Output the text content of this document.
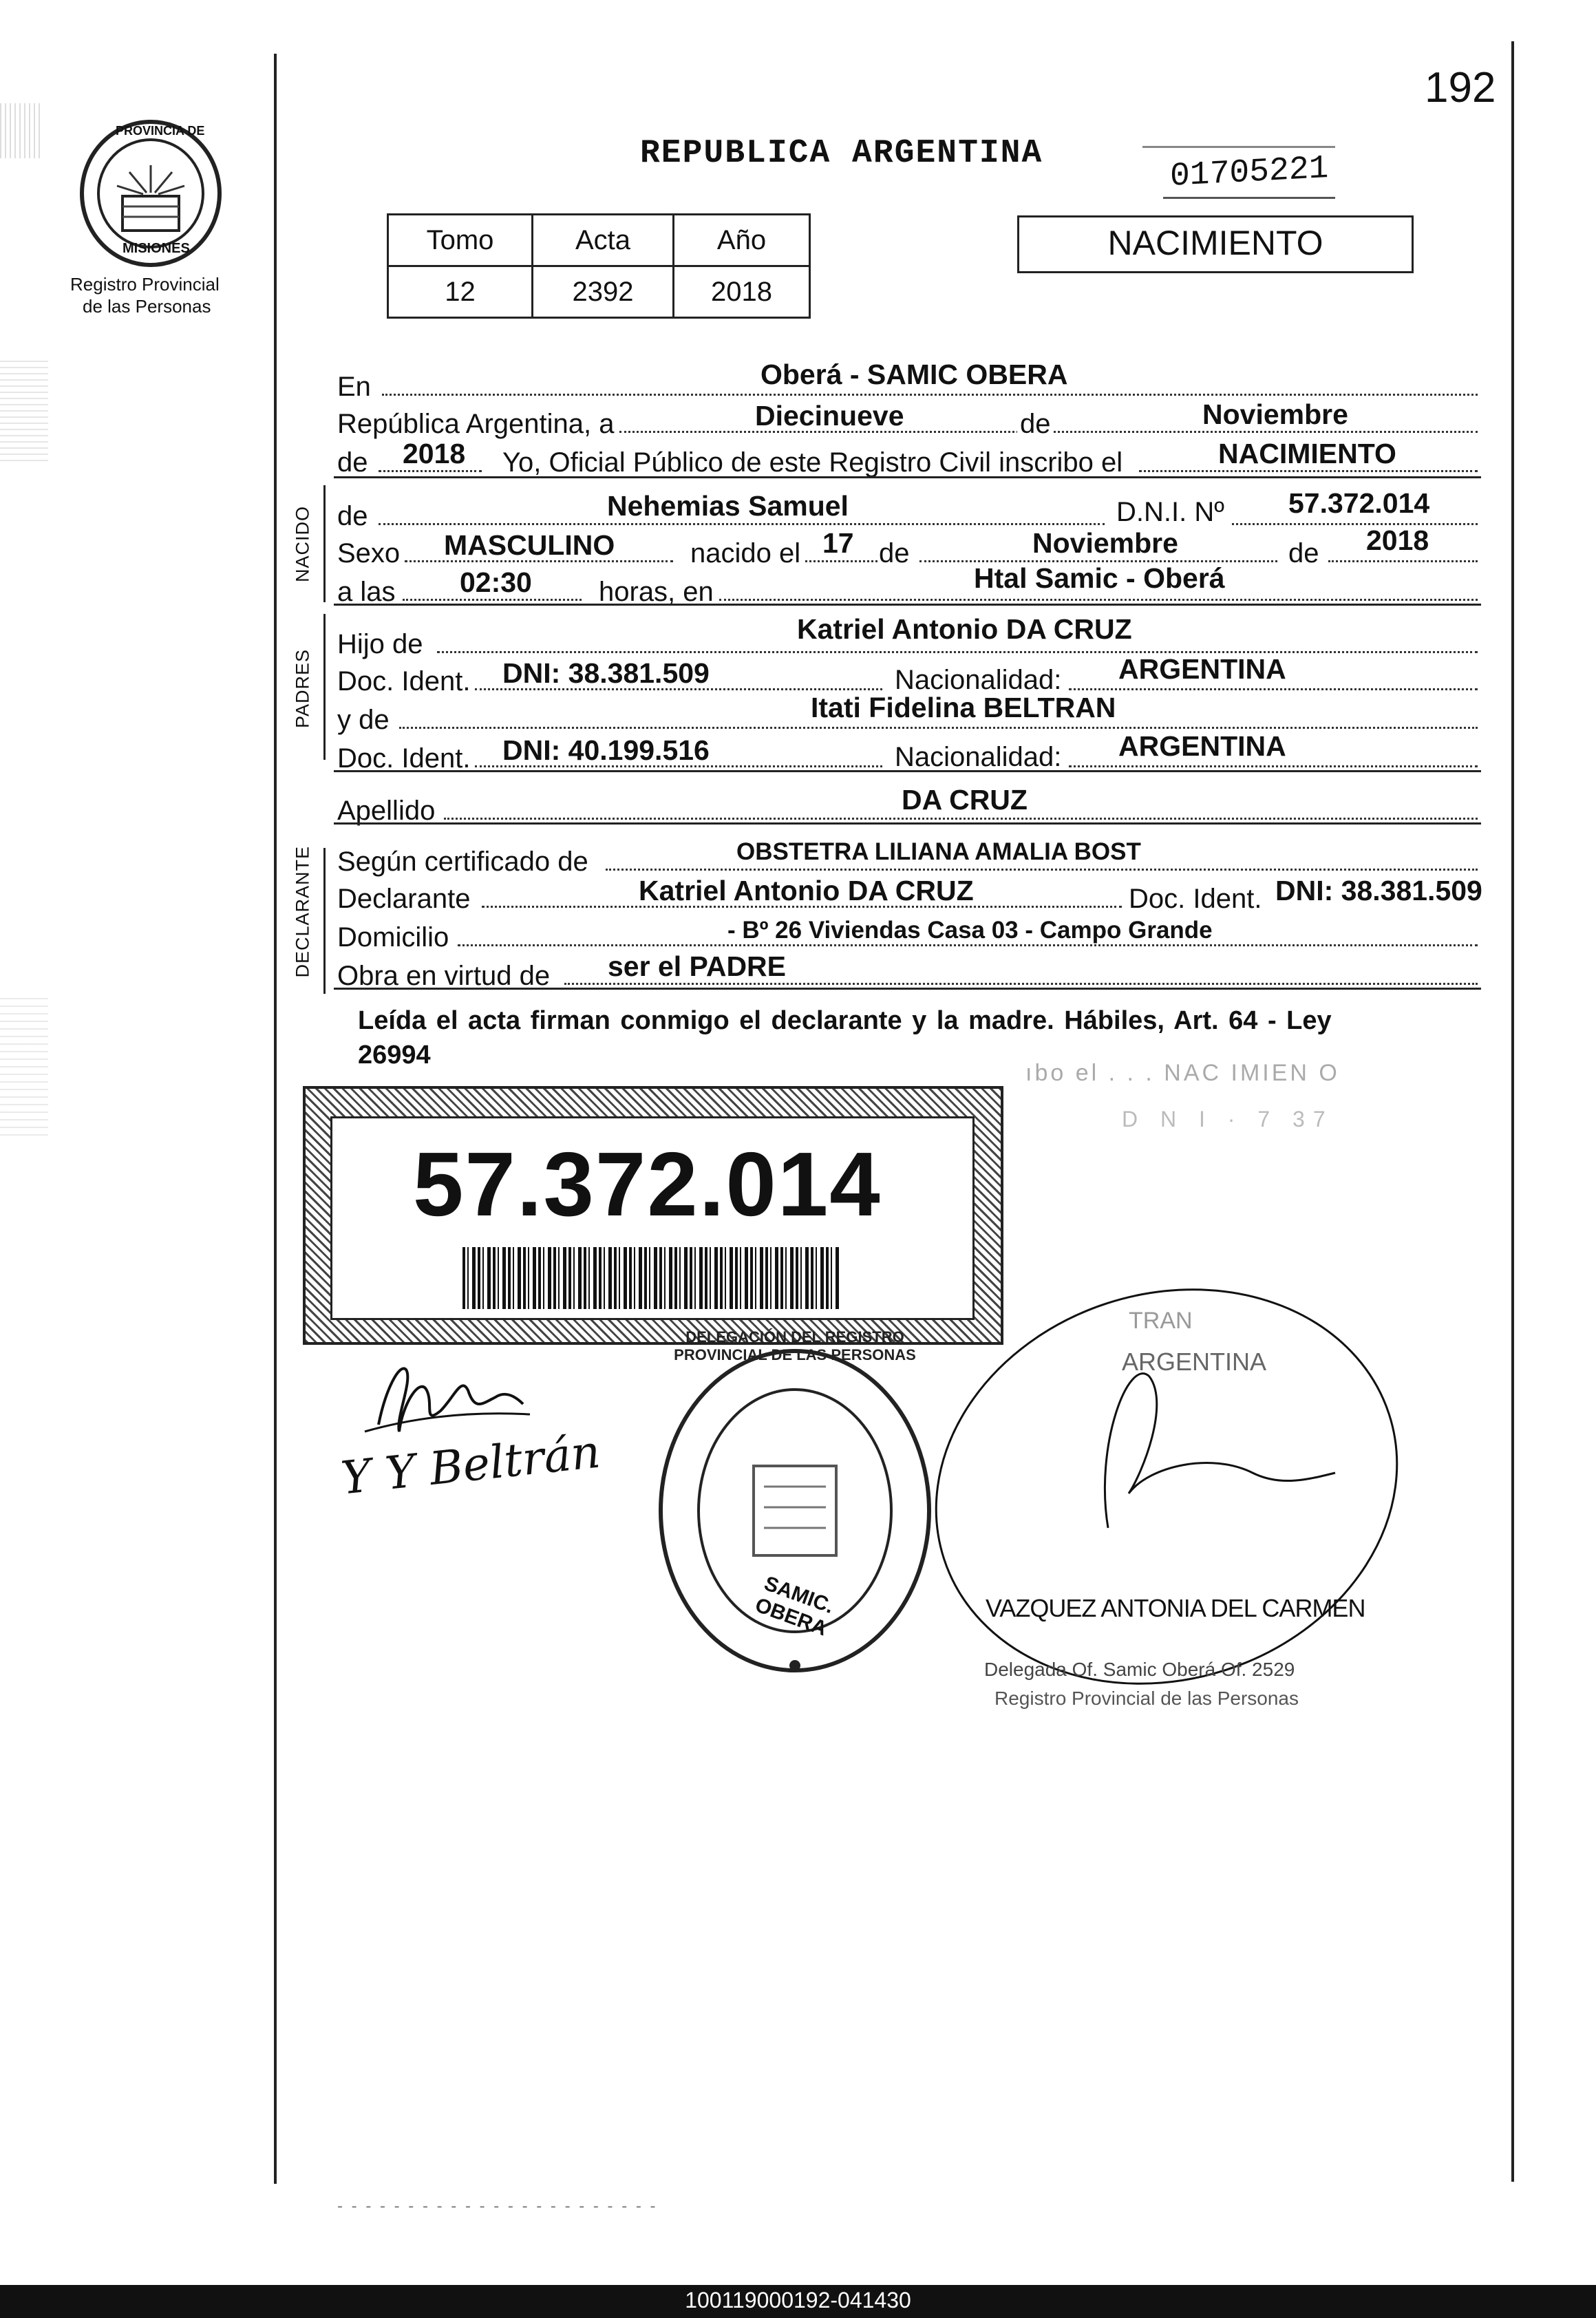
192
PROVINCIA DE
MISIONES
Registro Provincial
de las Personas
REPUBLICA ARGENTINA	01705221
Tomo	Acta	Año
12	2392	2018
NACIMIENTO
En	Oberá - SAMIC OBERA
República Argentina, a	Diecinueve	de	Noviembre
de 2018 Yo, Oficial Público de este Registro Civil inscribo el	NACIMIENTO
NACIDO de	Nehemias Samuel	D.N.I. Nº 57.372.014
Sexo MASCULINO	nacido el 17 de	Noviembre	de 2018
a las 02:30 horas, en	Htal Samic - Oberá
PADRES
Hijo de	Katriel Antonio DA CRUZ
Doc. Ident. DNI: 38.381.509	Nacionalidad: ARGENTINA
y de	Itati Fidelina BELTRAN
Doc. Ident. DNI: 40.199.516	Nacionalidad: ARGENTINA
Apellido	DA CRUZ
DECLARANTE Según certificado de	OBSTETRA LILIANA AMALIA BOST
Declarante	Katriel Antonio DA CRUZ	Doc. Ident. DNI: 38.381.509
Domicilio	- Bº 26 Viviendas Casa 03 - Campo Grande
Obra en virtud de ser el PADRE
Leída el acta firman conmigo el declarante y la madre. Hábiles, Art. 64 - Ley
26994
ıbo el . . . NAC IMIEN O
D N I · 7 37
TRAN
ARGENTINA
57.372.014
Y Y Beltrán
DELEGACIÓN DEL REGISTRO PROVINCIAL DE LAS PERSONAS
SAMIC. OBERA	VAZQUEZ ANTONIA DEL CARMEN
Delegada Of. Samic Oberá Of. 2529
Registro Provincial de las Personas
- - - - - - - - - - - - - - - - - - - - - - -
100119000192-041430
